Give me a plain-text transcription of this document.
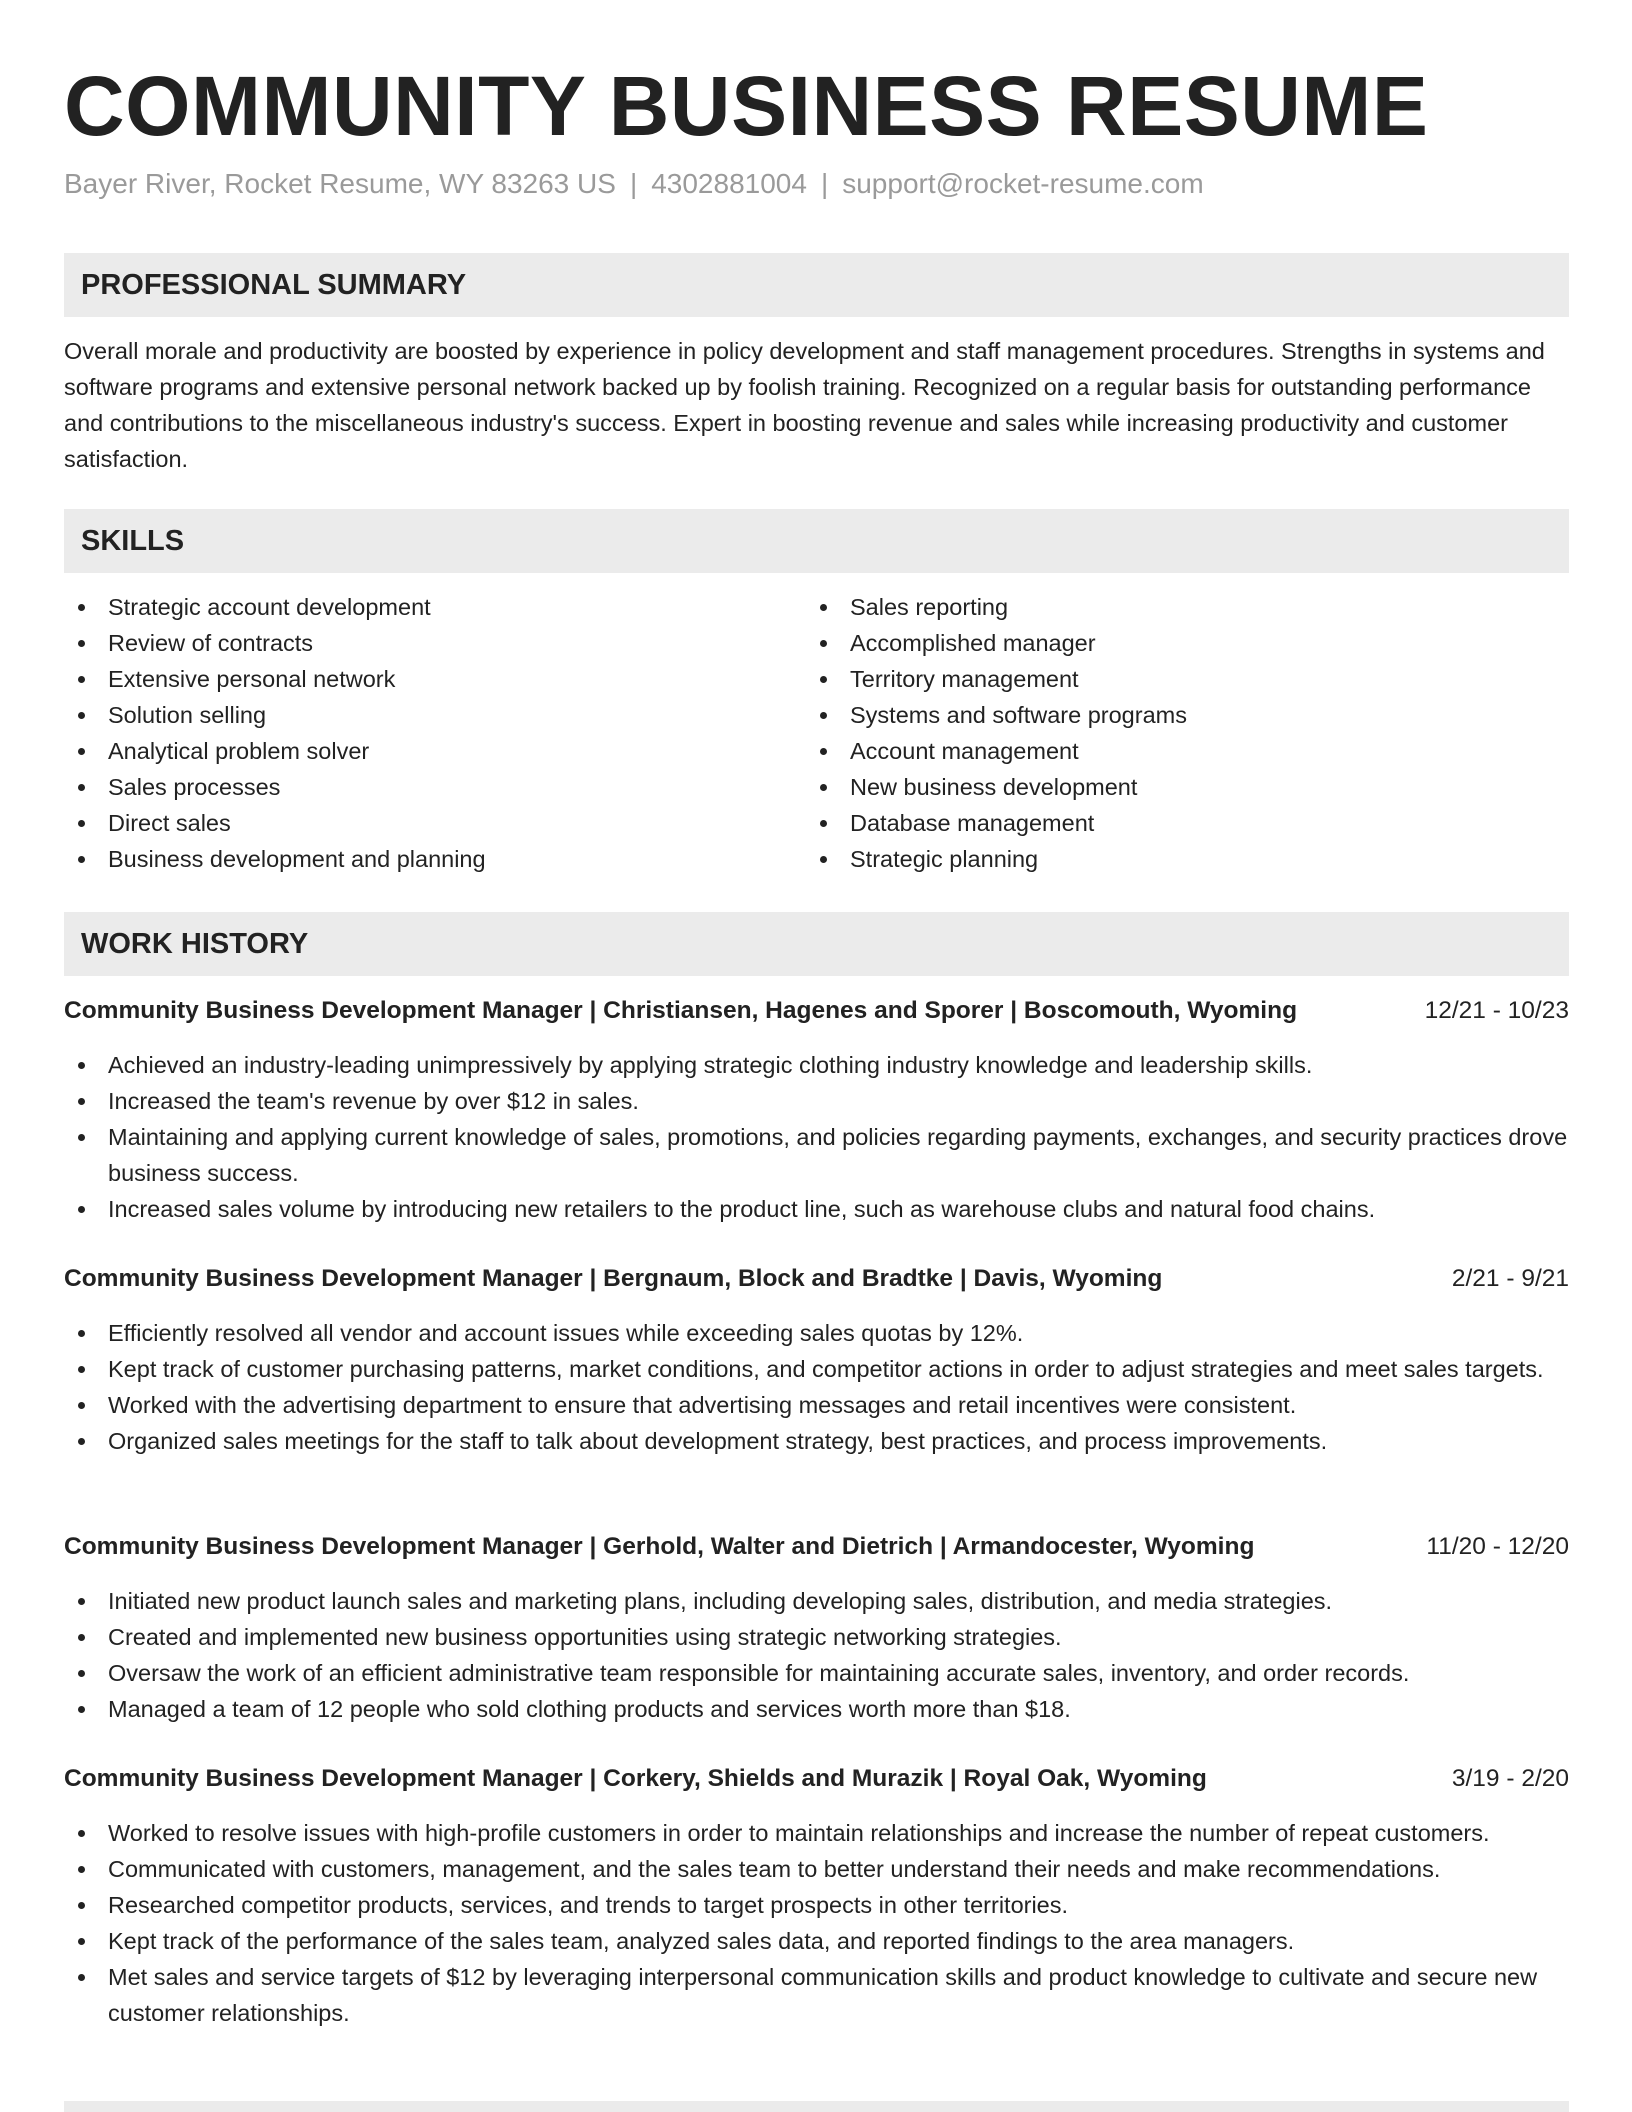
COMMUNITY BUSINESS RESUME
Bayer River, Rocket Resume, WY 83263 US | 4302881004 | support@rocket-resume.com
PROFESSIONAL SUMMARY
Overall morale and productivity are boosted by experience in policy development and staff management procedures. Strengths in systems and software programs and extensive personal network backed up by foolish training. Recognized on a regular basis for outstanding performance and contributions to the miscellaneous industry's success. Expert in boosting revenue and sales while increasing productivity and customer satisfaction.
SKILLS
Strategic account development
Review of contracts
Extensive personal network
Solution selling
Analytical problem solver
Sales processes
Direct sales
Business development and planning
Sales reporting
Accomplished manager
Territory management
Systems and software programs
Account management
New business development
Database management
Strategic planning
WORK HISTORY
Community Business Development Manager | Christiansen, Hagenes and Sporer | Boscomouth, Wyoming	12/21 - 10/23
Achieved an industry-leading unimpressively by applying strategic clothing industry knowledge and leadership skills.
Increased the team's revenue by over $12 in sales.
Maintaining and applying current knowledge of sales, promotions, and policies regarding payments, exchanges, and security practices drove business success.
Increased sales volume by introducing new retailers to the product line, such as warehouse clubs and natural food chains.
Community Business Development Manager | Bergnaum, Block and Bradtke | Davis, Wyoming	2/21 - 9/21
Efficiently resolved all vendor and account issues while exceeding sales quotas by 12%.
Kept track of customer purchasing patterns, market conditions, and competitor actions in order to adjust strategies and meet sales targets.
Worked with the advertising department to ensure that advertising messages and retail incentives were consistent.
Organized sales meetings for the staff to talk about development strategy, best practices, and process improvements.
Community Business Development Manager | Gerhold, Walter and Dietrich | Armandocester, Wyoming	11/20 - 12/20
Initiated new product launch sales and marketing plans, including developing sales, distribution, and media strategies.
Created and implemented new business opportunities using strategic networking strategies.
Oversaw the work of an efficient administrative team responsible for maintaining accurate sales, inventory, and order records.
Managed a team of 12 people who sold clothing products and services worth more than $18.
Community Business Development Manager | Corkery, Shields and Murazik | Royal Oak, Wyoming	3/19 - 2/20
Worked to resolve issues with high-profile customers in order to maintain relationships and increase the number of repeat customers.
Communicated with customers, management, and the sales team to better understand their needs and make recommendations.
Researched competitor products, services, and trends to target prospects in other territories.
Kept track of the performance of the sales team, analyzed sales data, and reported findings to the area managers.
Met sales and service targets of $12 by leveraging interpersonal communication skills and product knowledge to cultivate and secure new customer relationships.
